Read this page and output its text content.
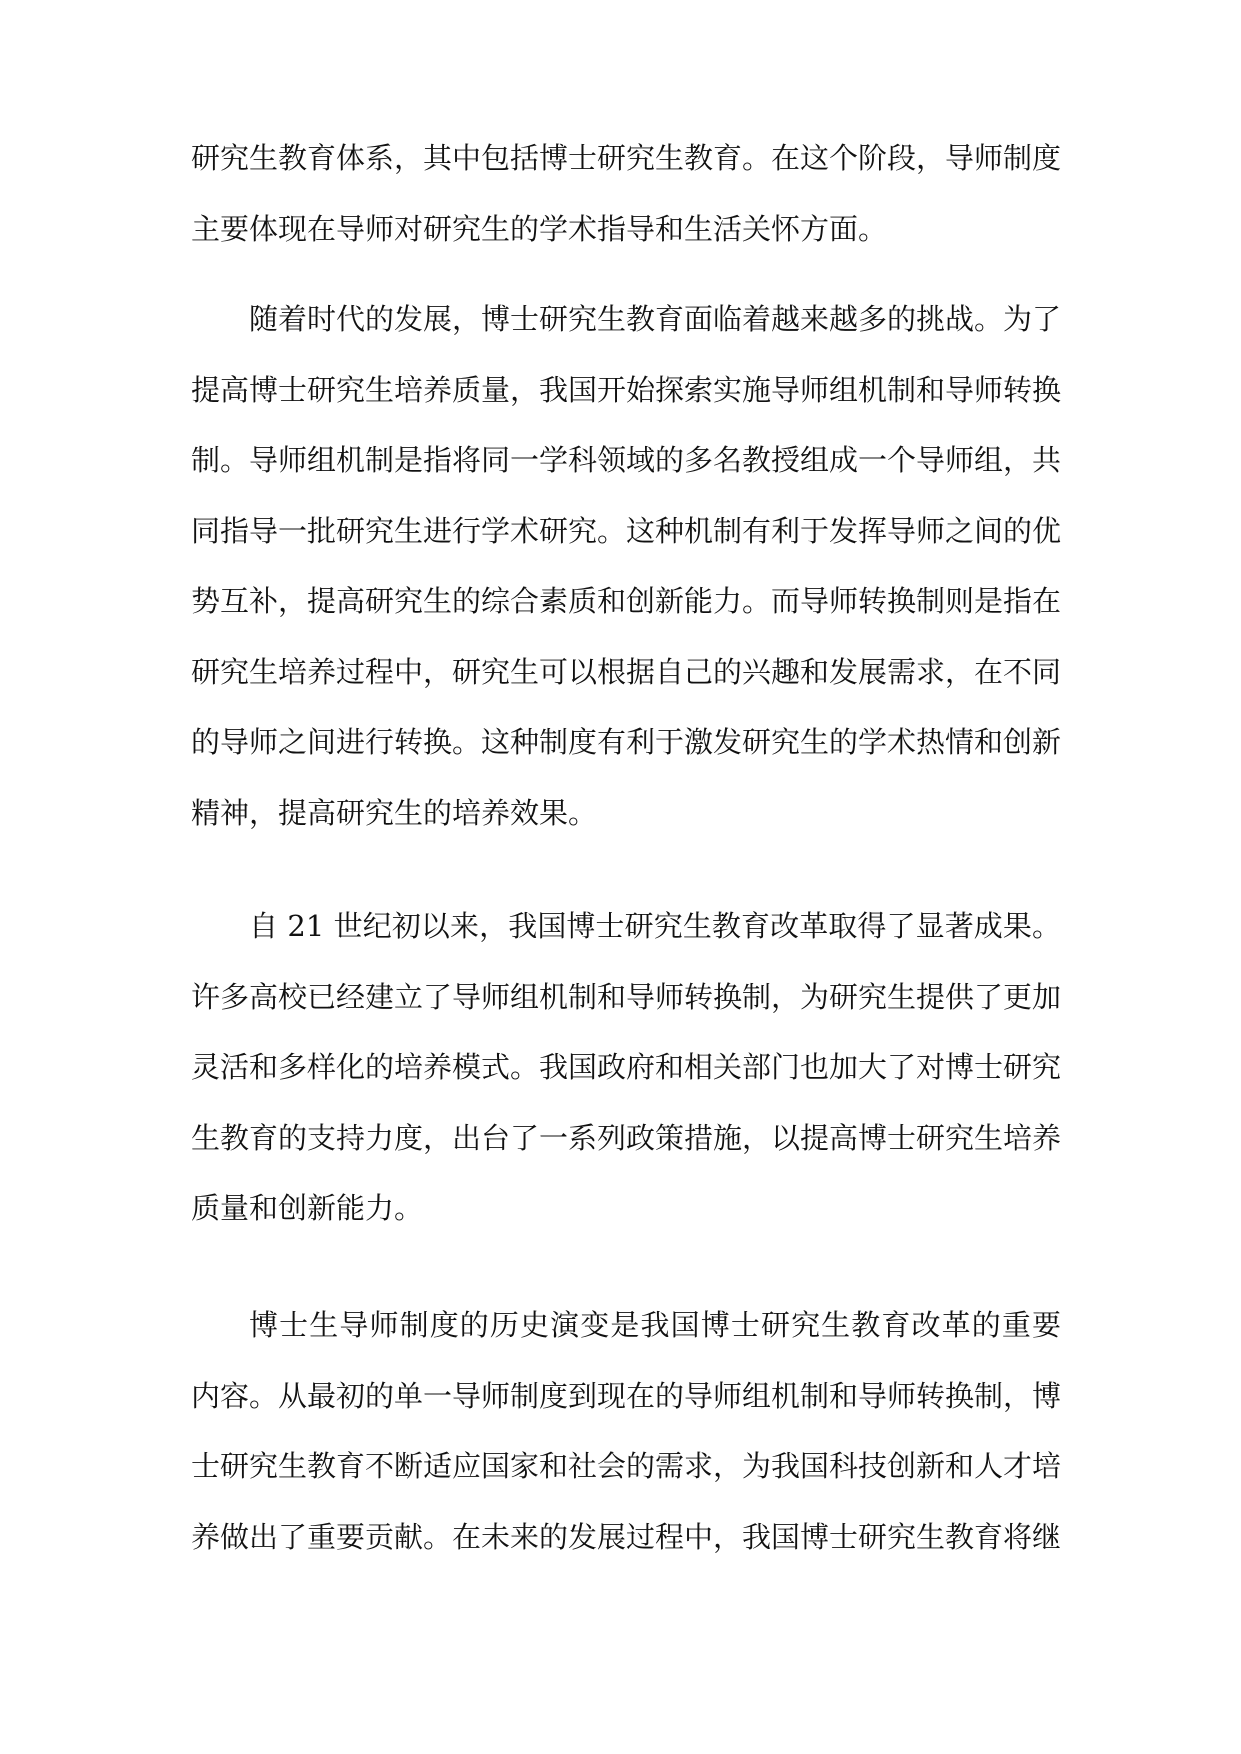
研究生教育体系，其中包括博士研究生教育。在这个阶段，导师制度
主要体现在导师对研究生的学术指导和生活关怀方面。
随着时代的发展，博士研究生教育面临着越来越多的挑战。为了
提高博士研究生培养质量，我国开始探索实施导师组机制和导师转换
制。导师组机制是指将同一学科领域的多名教授组成一个导师组，共
同指导一批研究生进行学术研究。这种机制有利于发挥导师之间的优
势互补，提高研究生的综合素质和创新能力。而导师转换制则是指在
研究生培养过程中，研究生可以根据自己的兴趣和发展需求，在不同
的导师之间进行转换。这种制度有利于激发研究生的学术热情和创新
精神，提高研究生的培养效果。
自 21 世纪初以来，我国博士研究生教育改革取得了显著成果。
许多高校已经建立了导师组机制和导师转换制，为研究生提供了更加
灵活和多样化的培养模式。我国政府和相关部门也加大了对博士研究
生教育的支持力度，出台了一系列政策措施，以提高博士研究生培养
质量和创新能力。
博士生导师制度的历史演变是我国博士研究生教育改革的重要
内容。从最初的单一导师制度到现在的导师组机制和导师转换制，博
士研究生教育不断适应国家和社会的需求，为我国科技创新和人才培
养做出了重要贡献。在未来的发展过程中，我国博士研究生教育将继
